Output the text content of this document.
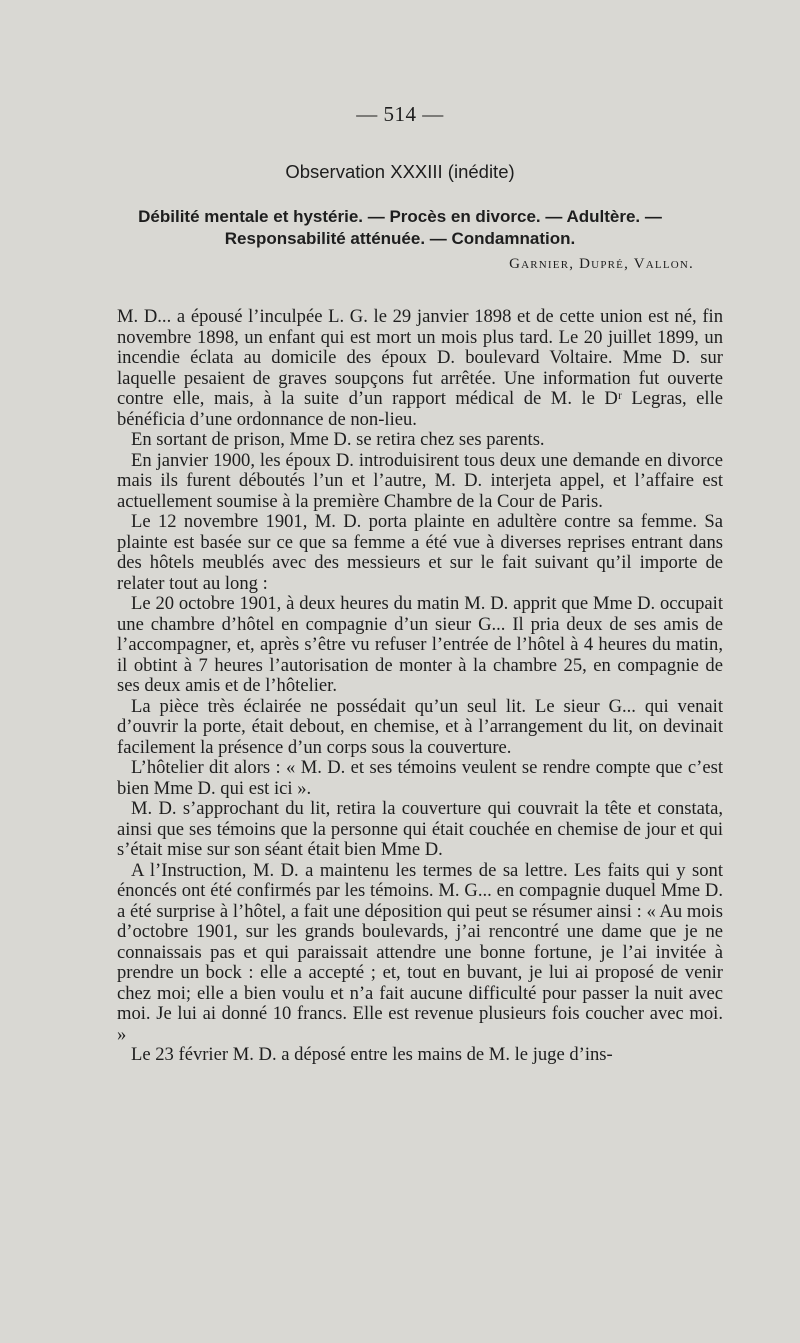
— 514 —
Observation XXXIII (inédite)
Débilité mentale et hystérie. — Procès en divorce. — Adultère. —
Responsabilité atténuée. — Condamnation.
Garnier, Dupré, Vallon.

M. D... a épousé l’inculpée L. G. le 29 janvier 1898 et de cette union est né, fin novembre 1898, un enfant qui est mort un mois plus tard. Le 20 juillet 1899, un incendie éclata au domicile des époux D. boulevard Voltaire. Mme D. sur laquelle pesaient de graves soupçons fut arrêtée. Une information fut ouverte contre elle, mais, à la suite d’un rapport médical de M. le Dʳ Legras, elle bénéficia d’une ordonnance de non-lieu.

En sortant de prison, Mme D. se retira chez ses parents.

En janvier 1900, les époux D. introduisirent tous deux une demande en divorce mais ils furent déboutés l’un et l’autre, M. D. interjeta appel, et l’affaire est actuellement soumise à la première Chambre de la Cour de Paris.

Le 12 novembre 1901, M. D. porta plainte en adultère contre sa femme. Sa plainte est basée sur ce que sa femme a été vue à diverses reprises entrant dans des hôtels meublés avec des messieurs et sur le fait suivant qu’il importe de relater tout au long :

Le 20 octobre 1901, à deux heures du matin M. D. apprit que Mme D. occupait une chambre d’hôtel en compagnie d’un sieur G... Il pria deux de ses amis de l’accompagner, et, après s’être vu refuser l’entrée de l’hôtel à 4 heures du matin, il obtint à 7 heures l’autorisation de monter à la chambre 25, en compagnie de ses deux amis et de l’hôtelier.

La pièce très éclairée ne possédait qu’un seul lit. Le sieur G... qui venait d’ouvrir la porte, était debout, en chemise, et à l’arrangement du lit, on devinait facilement la présence d’un corps sous la couverture.

L’hôtelier dit alors : « M. D. et ses témoins veulent se rendre compte que c’est bien Mme D. qui est ici ».

M. D. s’approchant du lit, retira la couverture qui couvrait la tête et constata, ainsi que ses témoins que la personne qui était couchée en chemise de jour et qui s’était mise sur son séant était bien Mme D.

A l’Instruction, M. D. a maintenu les termes de sa lettre. Les faits qui y sont énoncés ont été confirmés par les témoins. M. G... en compagnie duquel Mme D. a été surprise à l’hôtel, a fait une déposition qui peut se résumer ainsi : « Au mois d’octobre 1901, sur les grands boulevards, j’ai rencontré une dame que je ne connaissais pas et qui paraissait attendre une bonne fortune, je l’ai invitée à prendre un bock : elle a accepté ; et, tout en buvant, je lui ai proposé de venir chez moi; elle a bien voulu et n’a fait aucune difficulté pour passer la nuit avec moi. Je lui ai donné 10 francs. Elle est revenue plusieurs fois coucher avec moi. »

Le 23 février M. D. a déposé entre les mains de M. le juge d’ins-
